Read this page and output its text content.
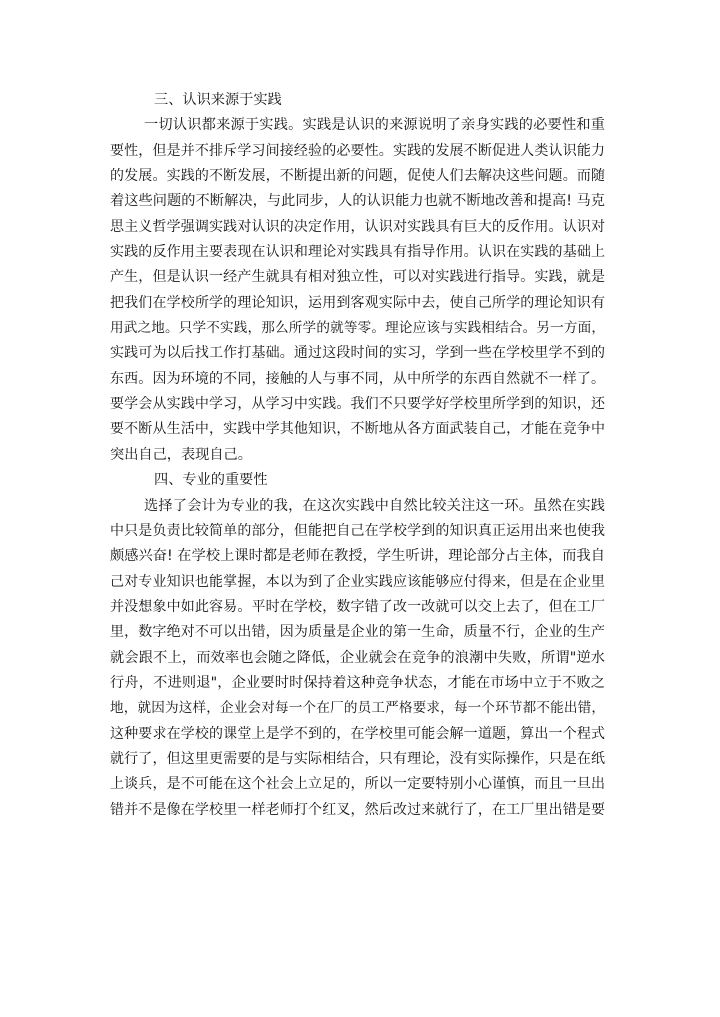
三、认识来源于实践
一切认识都来源于实践。实践是认识的来源说明了亲身实践的必要性和重
要性，但是并不排斥学习间接经验的必要性。实践的发展不断促进人类认识能力
的发展。实践的不断发展，不断提出新的问题，促使人们去解决这些问题。而随
着这些问题的不断解决，与此同步，人的认识能力也就不断地改善和提高! 马克
思主义哲学强调实践对认识的决定作用，认识对实践具有巨大的反作用。认识对
实践的反作用主要表现在认识和理论对实践具有指导作用。认识在实践的基础上
产生，但是认识一经产生就具有相对独立性，可以对实践进行指导。实践，就是
把我们在学校所学的理论知识，运用到客观实际中去，使自己所学的理论知识有
用武之地。只学不实践，那么所学的就等零。理论应该与实践相结合。另一方面，
实践可为以后找工作打基础。通过这段时间的实习，学到一些在学校里学不到的
东西。因为环境的不同，接触的人与事不同，从中所学的东西自然就不一样了。
要学会从实践中学习，从学习中实践。我们不只要学好学校里所学到的知识，还
要不断从生活中，实践中学其他知识，不断地从各方面武装自己，才能在竞争中
突出自己，表现自己。
四、专业的重要性
选择了会计为专业的我，在这次实践中自然比较关注这一环。虽然在实践
中只是负责比较简单的部分，但能把自己在学校学到的知识真正运用出来也使我
颇感兴奋! 在学校上课时都是老师在教授，学生听讲，理论部分占主体，而我自
己对专业知识也能掌握，本以为到了企业实践应该能够应付得来，但是在企业里
并没想象中如此容易。平时在学校，数字错了改一改就可以交上去了，但在工厂
里，数字绝对不可以出错，因为质量是企业的第一生命，质量不行，企业的生产
就会跟不上，而效率也会随之降低，企业就会在竞争的浪潮中失败，所谓"逆水
行舟，不进则退"，企业要时时保持着这种竞争状态，才能在市场中立于不败之
地，就因为这样，企业会对每一个在厂的员工严格要求，每一个环节都不能出错，
这种要求在学校的课堂上是学不到的，在学校里可能会解一道题，算出一个程式
就行了，但这里更需要的是与实际相结合，只有理论，没有实际操作，只是在纸
上谈兵，是不可能在这个社会上立足的，所以一定要特别小心谨慎，而且一旦出
错并不是像在学校里一样老师打个红叉，然后改过来就行了，在工厂里出错是要
